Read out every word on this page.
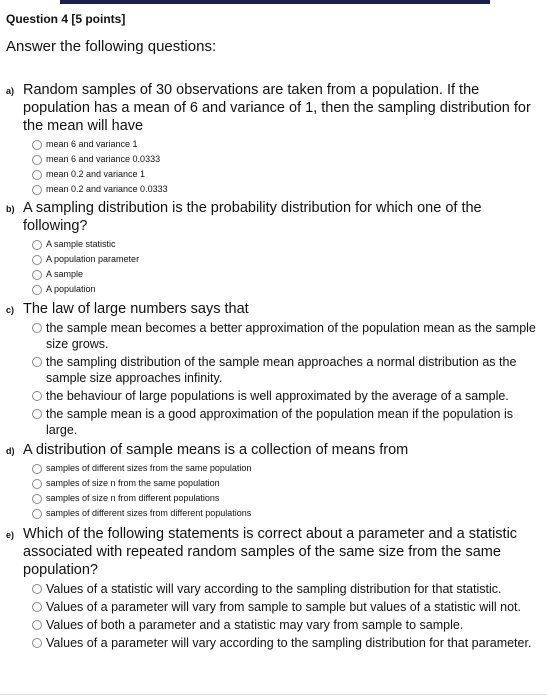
Question 4 [5 points]
Answer the following questions:
a) Random samples of 30 observations are taken from a population. If the population has a mean of 6 and variance of 1, then the sampling distribution for the mean will have
mean 6 and variance 1
mean 6 and variance 0.0333
mean 0.2 and variance 1
mean 0.2 and variance 0.0333
b) A sampling distribution is the probability distribution for which one of the following?
A sample statistic
A population parameter
A sample
A population
c) The law of large numbers says that
the sample mean becomes a better approximation of the population mean as the sample size grows.
the sampling distribution of the sample mean approaches a normal distribution as the sample size approaches infinity.
the behaviour of large populations is well approximated by the average of a sample.
the sample mean is a good approximation of the population mean if the population is large.
d) A distribution of sample means is a collection of means from
samples of different sizes from the same population
samples of size n from the same population
samples of size n from different populations
samples of different sizes from different populations
e) Which of the following statements is correct about a parameter and a statistic associated with repeated random samples of the same size from the same population?
Values of a statistic will vary according to the sampling distribution for that statistic.
Values of a parameter will vary from sample to sample but values of a statistic will not.
Values of both a parameter and a statistic may vary from sample to sample.
Values of a parameter will vary according to the sampling distribution for that parameter.
